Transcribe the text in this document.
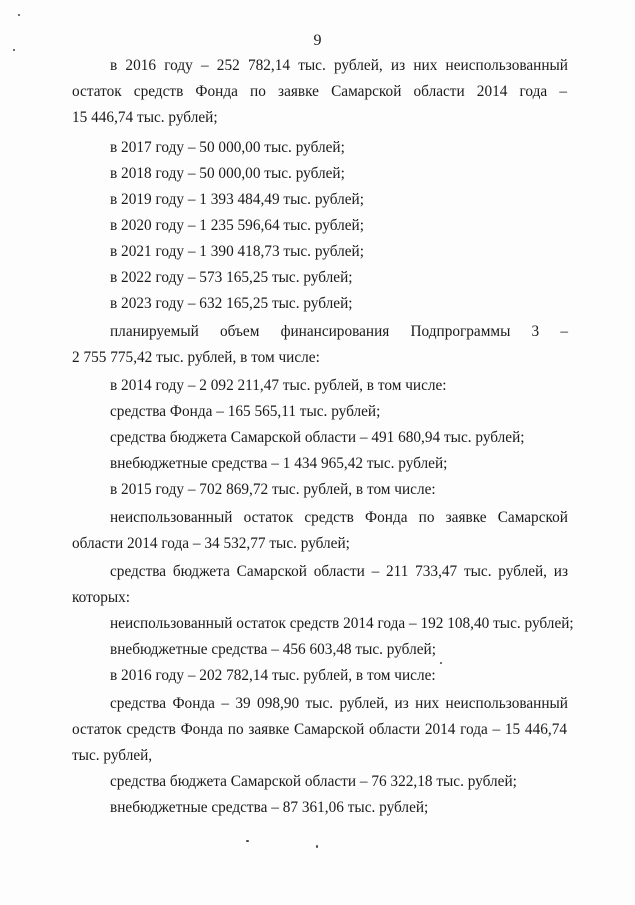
9
в 2016 году – 252 782,14 тыс. рублей, из них неиспользованный
остаток средств Фонда по заявке Самарской области 2014 года –
15 446,74 тыс. рублей;
в 2017 году – 50 000,00 тыс. рублей;
в 2018 году – 50 000,00 тыс. рублей;
в 2019 году – 1 393 484,49 тыс. рублей;
в 2020 году – 1 235 596,64 тыс. рублей;
в 2021 году – 1 390 418,73 тыс. рублей;
в 2022 году – 573 165,25 тыс. рублей;
в 2023 году – 632 165,25 тыс. рублей;
планируемый объем финансирования Подпрограммы 3 –
2 755 775,42 тыс. рублей, в том числе:
в 2014 году – 2 092 211,47 тыс. рублей, в том числе:
средства Фонда – 165 565,11 тыс. рублей;
средства бюджета Самарской области – 491 680,94 тыс. рублей;
внебюджетные средства – 1 434 965,42 тыс. рублей;
в 2015 году – 702 869,72 тыс. рублей, в том числе:
неиспользованный остаток средств Фонда по заявке Самарской
области 2014 года – 34 532,77 тыс. рублей;
средства бюджета Самарской области – 211 733,47 тыс. рублей, из
которых:
неиспользованный остаток средств 2014 года – 192 108,40 тыс. рублей;
внебюджетные средства – 456 603,48 тыс. рублей;
в 2016 году – 202 782,14 тыс. рублей, в том числе:
средства Фонда – 39 098,90 тыс. рублей, из них неиспользованный
остаток средств Фонда по заявке Самарской области 2014 года – 15 446,74
тыс. рублей,
средства бюджета Самарской области – 76 322,18 тыс. рублей;
внебюджетные средства – 87 361,06 тыс. рублей;
